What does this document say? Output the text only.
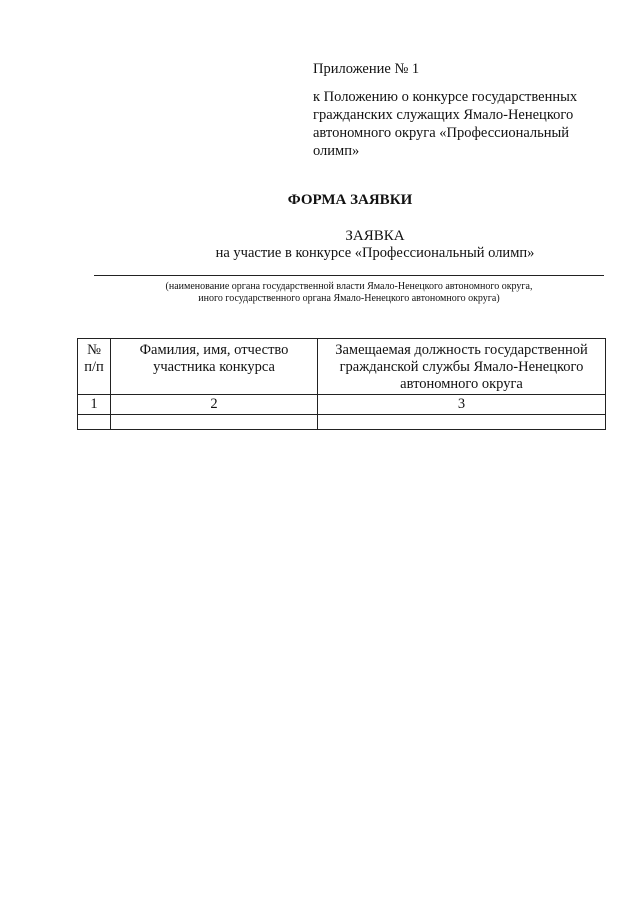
Приложение № 1
к Положению о конкурсе государственных гражданских служащих Ямало-Ненецкого автономного округа «Профессиональный олимп»
ФОРМА ЗАЯВКИ
ЗАЯВКА
на участие в конкурсе «Профессиональный олимп»
(наименование органа государственной власти Ямало-Ненецкого автономного округа,
иного государственного органа Ямало-Ненецкого автономного округа)
№ п/п	Фамилия, имя, отчество участника конкурса	Замещаемая должность государственной гражданской службы Ямало-Ненецкого автономного округа
1	2	3
